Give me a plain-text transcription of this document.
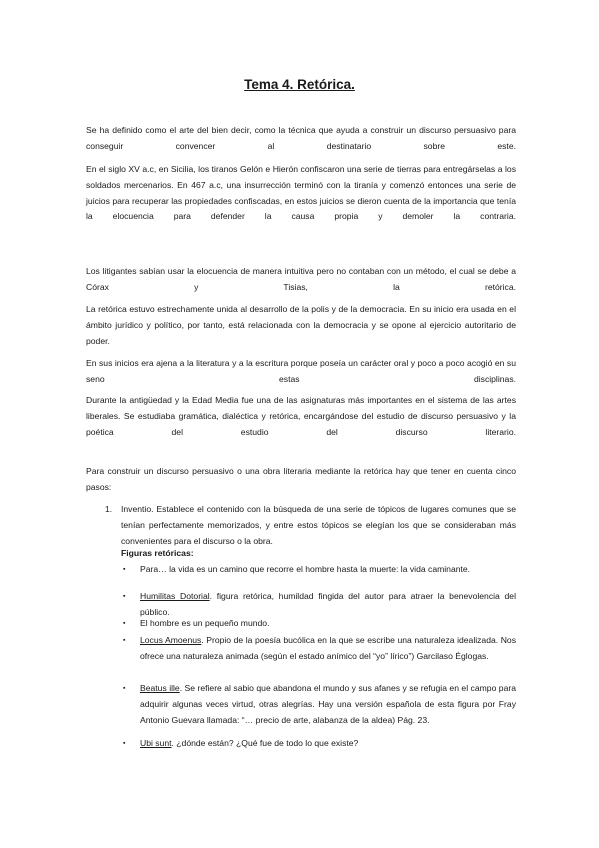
Tema 4. Retórica.
Se ha definido como el arte del bien decir, como la técnica que ayuda a construir un discurso persuasivo para conseguir convencer al destinatario sobre este.
En el siglo XV a.c, en Sicilia, los tiranos Gelón e Hierón confiscaron una serie de tierras para entregárselas a los soldados mercenarios. En 467 a.c, una insurrección terminó con la tiranía y comenzó entonces una serie de juicios para recuperar las propiedades confiscadas, en estos juicios se dieron cuenta de la importancia que tenía la elocuencia para defender la causa propia y demoler la contraria.
Los litigantes sabían usar la elocuencia de manera intuitiva pero no contaban con un método, el cual se debe a Córax y Tisias, la retórica.
La retórica estuvo estrechamente unida al desarrollo de la polis y de la democracia. En su inicio era usada en el ámbito jurídico y político, por tanto, está relacionada con la democracia y se opone al ejercicio autoritario de poder.
En sus inicios era ajena a la literatura y a la escritura porque poseía un carácter oral y poco a poco acogió en su seno estas disciplinas.
Durante la antigüedad y la Edad Media fue una de las asignaturas más importantes en el sistema de las artes liberales. Se estudiaba gramática, dialéctica y retórica, encargándose del estudio de discurso persuasivo y la poética del estudio del discurso literario.
Para construir un discurso persuasivo o una obra literaria mediante la retórica hay que tener en cuenta cinco pasos:
1. Inventio. Establece el contenido con la búsqueda de una serie de tópicos de lugares comunes que se tenían perfectamente memorizados, y entre estos tópicos se elegían los que se consideraban más convenientes para el discurso o la obra.
Figuras retóricas:
▪ Para… la vida es un camino que recorre el hombre hasta la muerte: la vida caminante.
▪ Humilitas Dotorial. figura retórica, humildad fingida del autor para atraer la benevolencia del público.
▪ El hombre es un pequeño mundo.
▪ Locus Amoenus. Propio de la poesía bucólica en la que se escribe una naturaleza idealizada. Nos ofrece una naturaleza animada (según el estado anímico del “yo” lírico”) Garcilaso Églogas.
▪ Beatus ille. Se refiere al sabio que abandona el mundo y sus afanes y se refugia en el campo para adquirir algunas veces virtud, otras alegrías. Hay una versión española de esta figura por Fray Antonio Guevara llamada: “… precio de arte, alabanza de la aldea) Pág. 23.
▪ Ubi sunt. ¿dónde están? ¿Qué fue de todo lo que existe?
